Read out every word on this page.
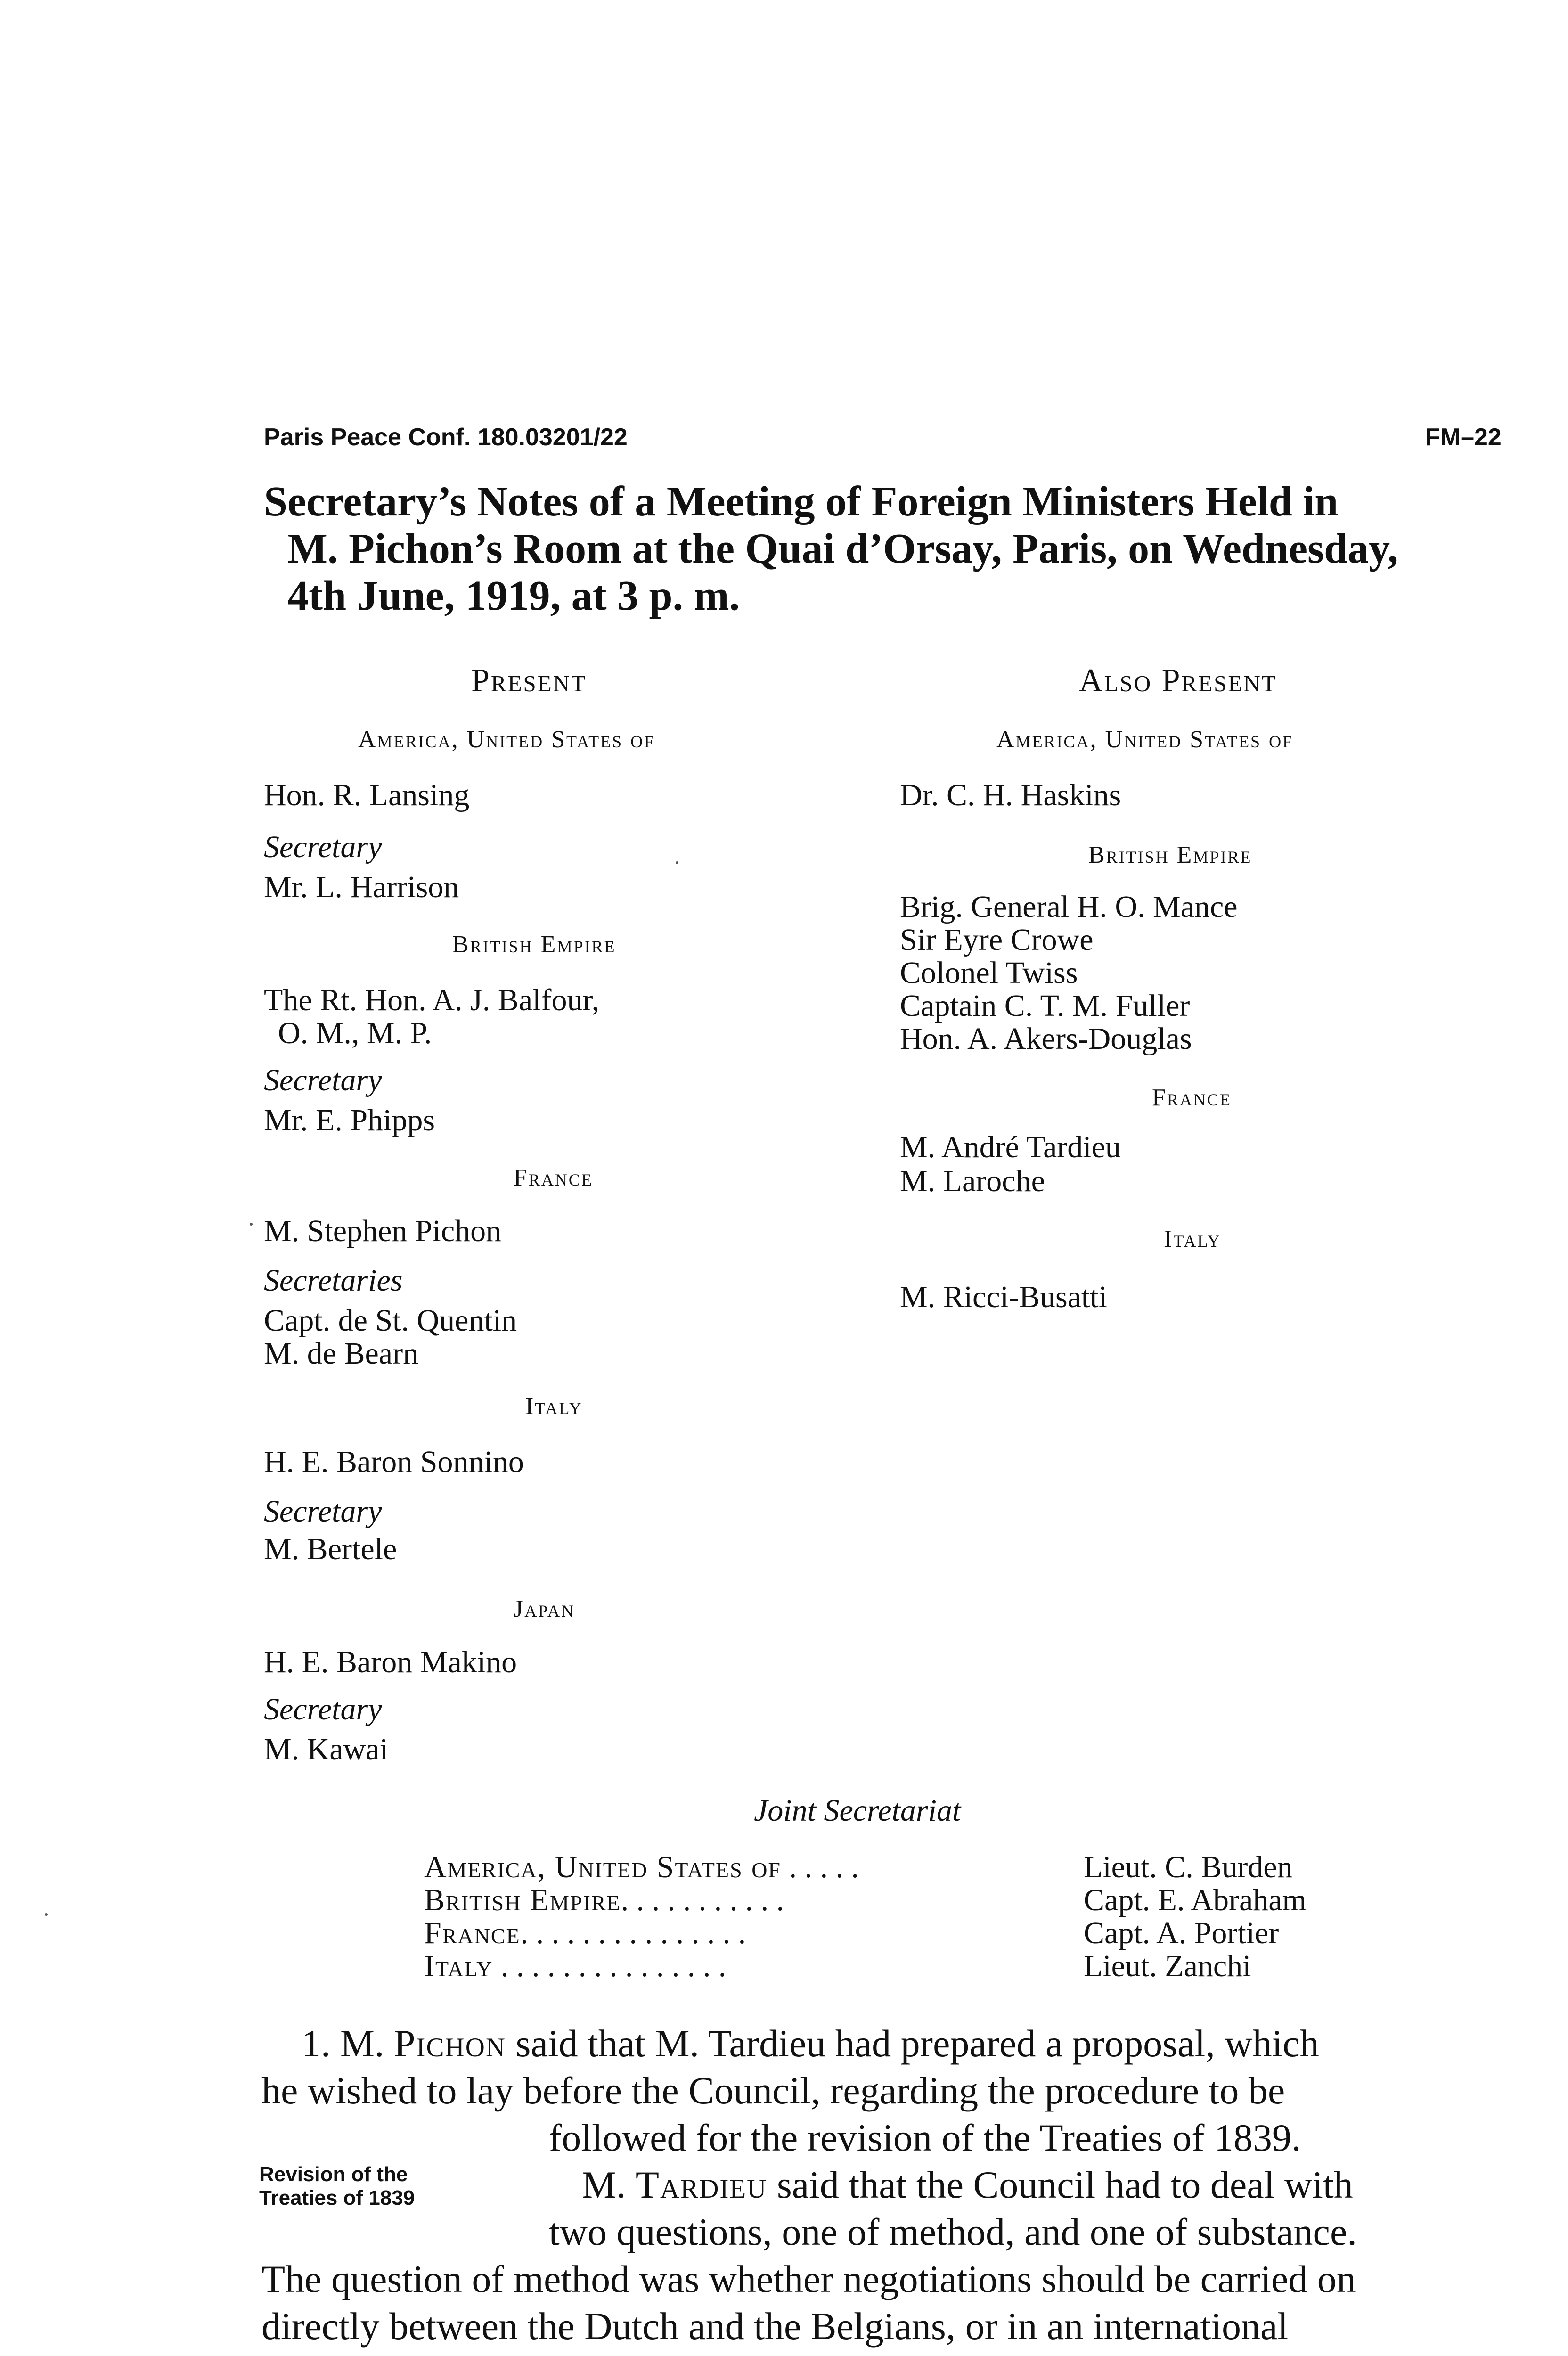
Paris Peace Conf. 180.03201/22	FM–22
Secretary’s Notes of a Meeting of Foreign Ministers Held in
M. Pichon’s Room at the Quai d’Orsay, Paris, on Wednesday,
4th June, 1919, at 3 p. m.
Present
America, United States of
Hon. R. Lansing
Secretary
Mr. L. Harrison
British Empire
The Rt. Hon. A. J. Balfour,
O. M., M. P.
Secretary
Mr. E. Phipps
France
M. Stephen Pichon
Secretaries
Capt. de St. Quentin
M. de Bearn
Italy
H. E. Baron Sonnino
Secretary
M. Bertele
Japan
H. E. Baron Makino
Secretary
M. Kawai
Also Present
America, United States of
Dr. C. H. Haskins
British Empire
Brig. General H. O. Mance
Sir Eyre Crowe
Colonel Twiss
Captain C. T. M. Fuller
Hon. A. Akers-Douglas
France
M. André Tardieu
M. Laroche
Italy
M. Ricci-Busatti
Joint Secretariat
America, United States of . . . . .	Lieut. C. Burden
British Empire. . . . . . . . . . .	Capt. E. Abraham
France. . . . . . . . . . . . . . .	Capt. A. Portier
Italy . . . . . . . . . . . . . . .	Lieut. Zanchi
1. M. Pichon said that M. Tardieu had prepared a proposal, which
he wished to lay before the Council, regarding the procedure to be
followed for the revision of the Treaties of 1839.
Revision of the
Treaties of 1839	M. Tardieu said that the Council had to deal with
two questions, one of method, and one of substance.
The question of method was whether negotiations should be carried on
directly between the Dutch and the Belgians, or in an international
